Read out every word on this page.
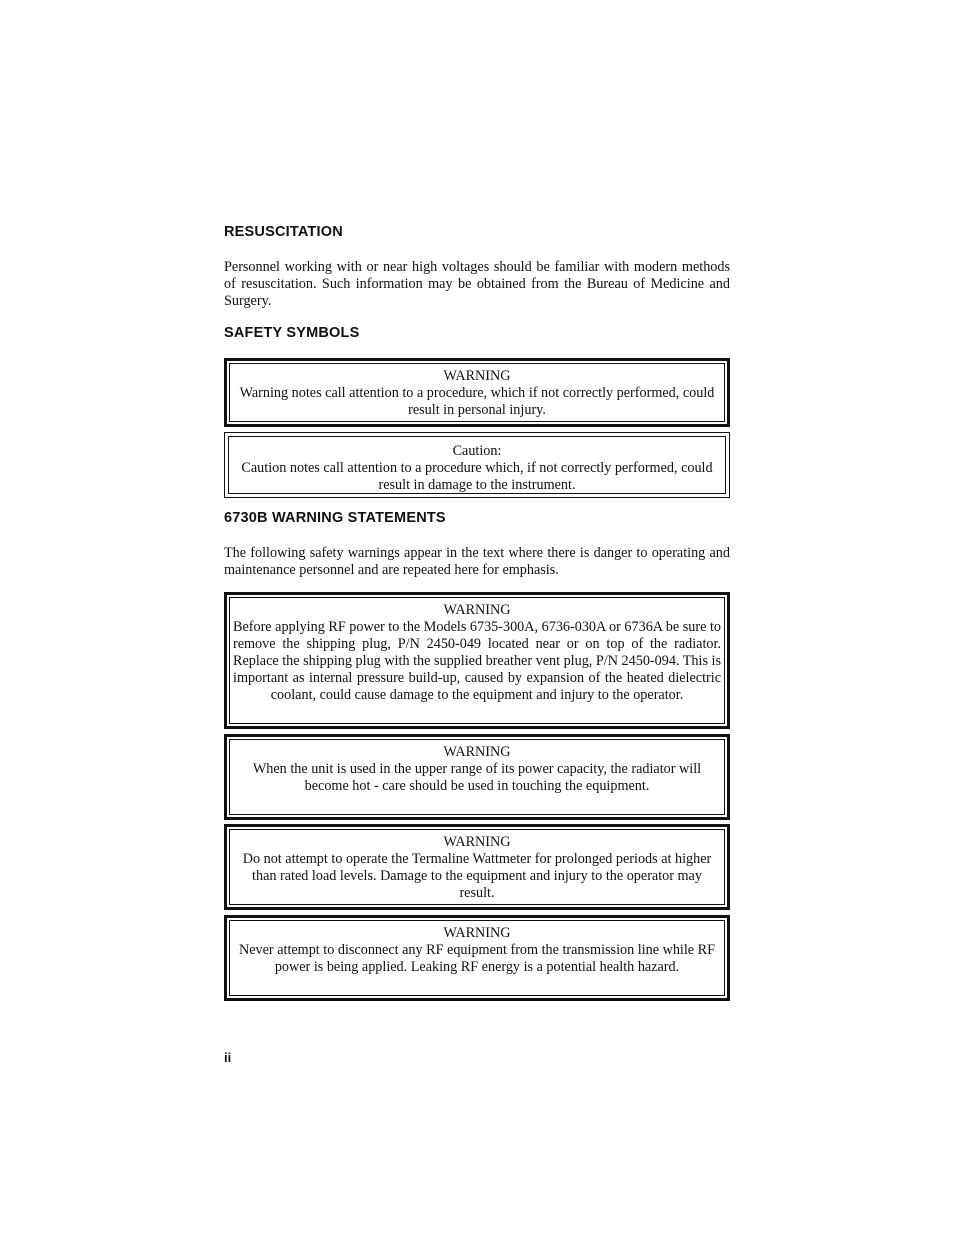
RESUSCITATION

Personnel working with or near high voltages should be familiar with modern methods of resuscitation. Such information may be obtained from the Bureau of Medicine and Surgery.

SAFETY SYMBOLS
WARNING
Warning notes call attention to a procedure, which if not correctly performed, could result in personal injury.
Caution:
Caution notes call attention to a procedure which, if not correctly performed, could result in damage to the instrument.
6730B WARNING STATEMENTS

The following safety warnings appear in the text where there is danger to operating and maintenance personnel and are repeated here for emphasis.

WARNING
Before applying RF power to the Models 6735-300A, 6736-030A or 6736A be sure to remove the shipping plug, P/N 2450-049 located near or on top of the radiator. Replace the shipping plug with the supplied breather vent plug, P/N 2450-094. This is important as internal pressure build-up, caused by expansion of the heated dielectric coolant, could cause damage to the equipment and injury to the operator.
WARNING
When the unit is used in the upper range of its power capacity, the radiator will become hot - care should be used in touching the equipment.
WARNING
Do not attempt to operate the Termaline Wattmeter for prolonged periods at higher than rated load levels. Damage to the equipment and injury to the operator may result.
WARNING
Never attempt to disconnect any RF equipment from the transmission line while RF power is being applied. Leaking RF energy is a potential health hazard.
ii
